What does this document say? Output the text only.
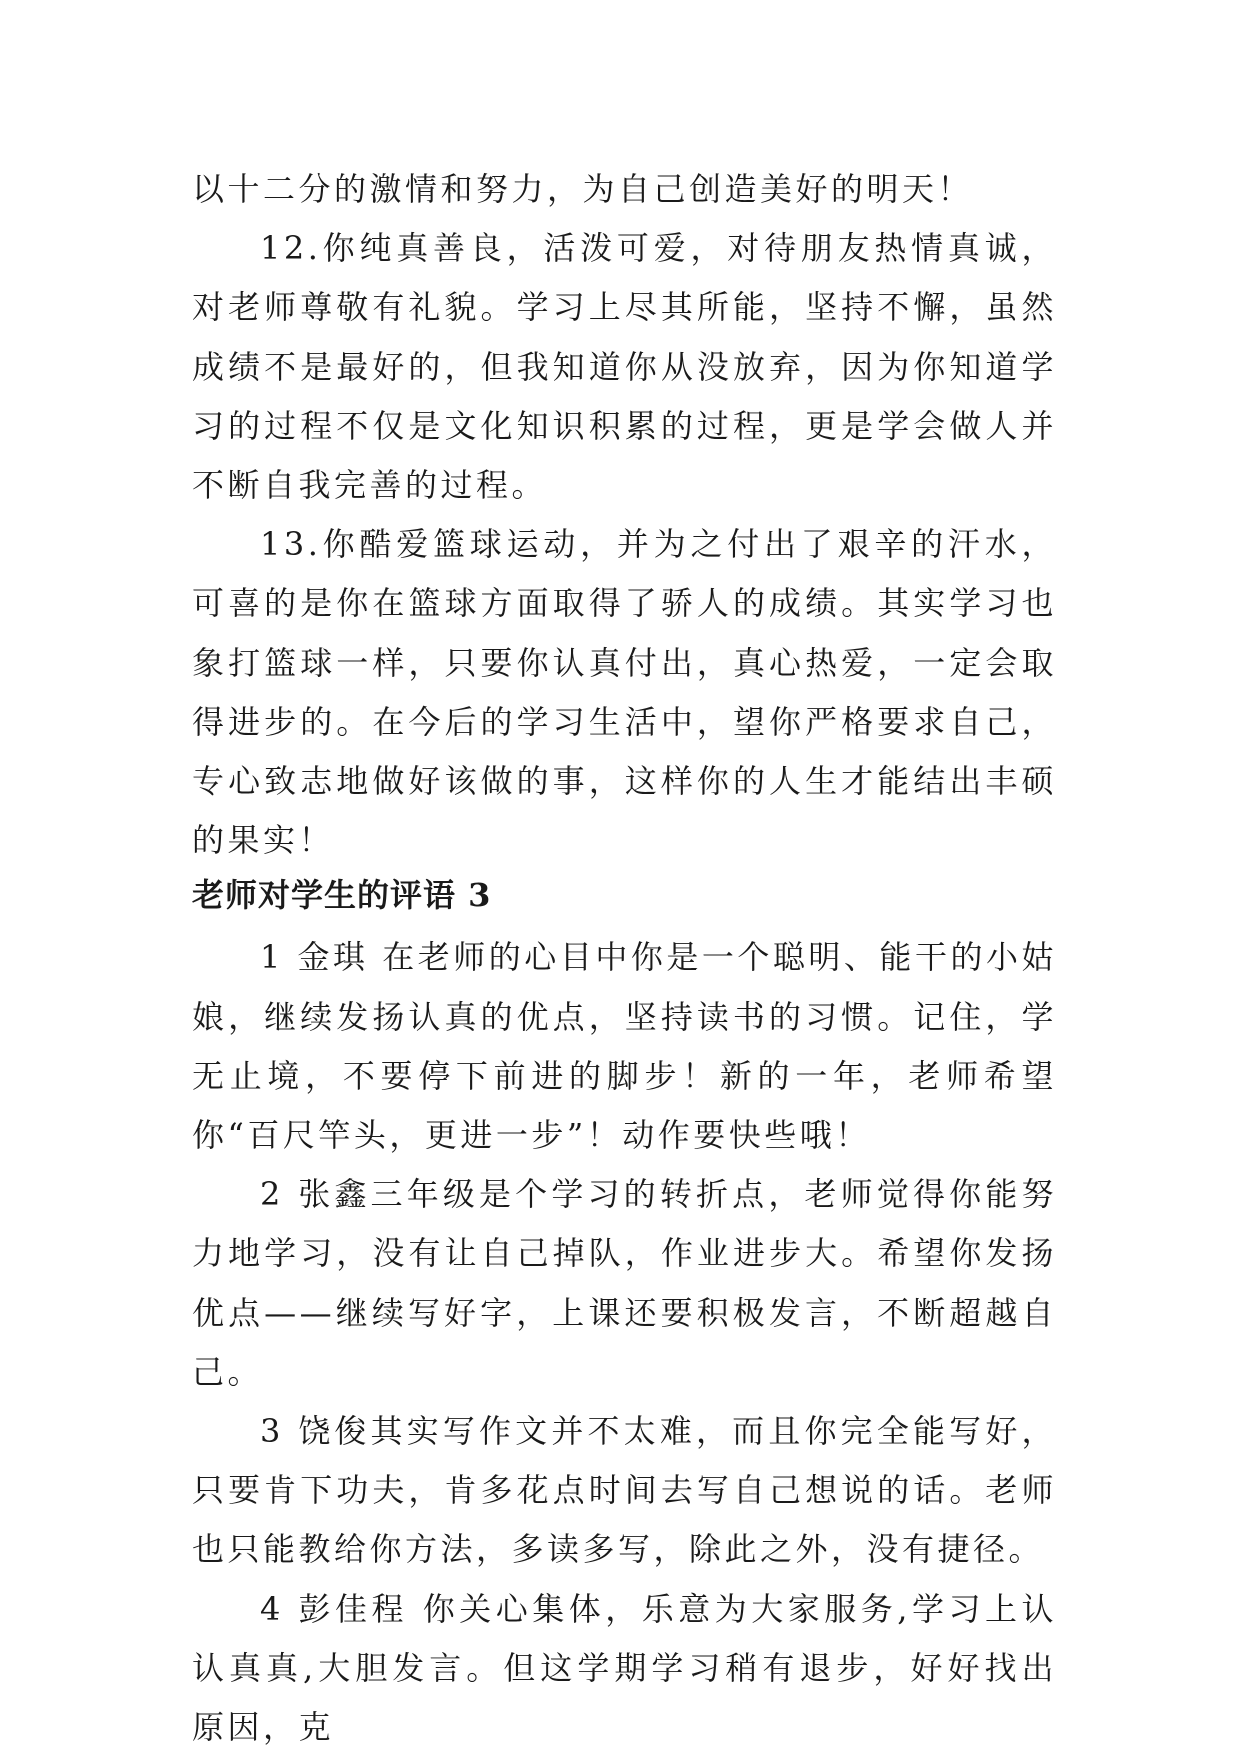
以十二分的激情和努力，为自己创造美好的明天！

12.你纯真善良，活泼可爱，对待朋友热情真诚，对老师尊敬有礼貌。学习上尽其所能，坚持不懈，虽然成绩不是最好的，但我知道你从没放弃，因为你知道学习的过程不仅是文化知识积累的过程，更是学会做人并不断自我完善的过程。

13.你酷爱篮球运动，并为之付出了艰辛的汗水，可喜的是你在篮球方面取得了骄人的成绩。其实学习也象打篮球一样，只要你认真付出，真心热爱，一定会取得进步的。在今后的学习生活中，望你严格要求自己，专心致志地做好该做的事，这样你的人生才能结出丰硕的果实！

老师对学生的评语 3

1 金琪 在老师的心目中你是一个聪明、能干的小姑娘，继续发扬认真的优点，坚持读书的习惯。记住，学无止境，不要停下前进的脚步！新的一年，老师希望你“百尺竿头，更进一步”！动作要快些哦！

2 张鑫三年级是个学习的转折点，老师觉得你能努力地学习，没有让自己掉队，作业进步大。希望你发扬优点——继续写好字，上课还要积极发言，不断超越自己。

3 饶俊其实写作文并不太难，而且你完全能写好，只要肯下功夫，肯多花点时间去写自己想说的话。老师也只能教给你方法，多读多写，除此之外，没有捷径。

4 彭佳程 你关心集体，乐意为大家服务,学习上认认真真,大胆发言。但这学期学习稍有退步，好好找出原因，克
